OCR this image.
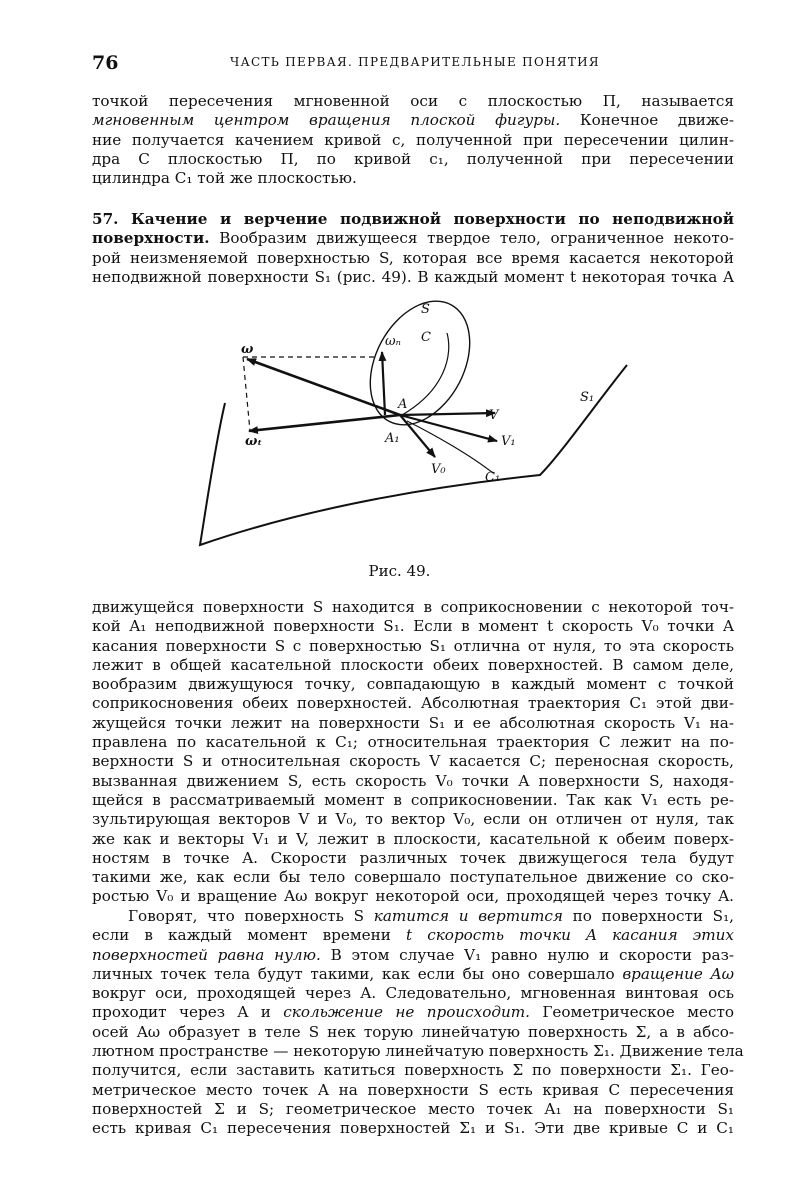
76	ЧАСТЬ ПЕРВАЯ. ПРЕДВАРИТЕЛЬНЫЕ ПОНЯТИЯ
точкой пересечения мгновенной оси с плоскостью П, называется
мгновенным центром вращения плоской фигуры. Конечное движе-
ние получается качением кривой с, полученной при пересечении цилин-
дра С плоскостью П, по кривой с₁, полученной при пересечении
цилиндра С₁ той же плоскостью.
57. Качение и верчение подвижной поверхности по неподвижной
поверхности. Вообразим движущееся твердое тело, ограниченное некото-
рой неизменяемой поверхностью S, которая все время касается некоторой
неподвижной поверхности S₁ (рис. 49). В каждый момент t некоторая точка A
S
C
ω
ωₙ
ωₜ
A
A₁
V
V₁
V₀
C₁
S₁
Рис. 49.
движущейся поверхности S находится в соприкосновении с некоторой точ-
кой A₁ неподвижной поверхности S₁. Если в момент t скорость V₀ точки A
касания поверхности S с поверхностью S₁ отлична от нуля, то эта скорость
лежит в общей касательной плоскости обеих поверхностей. В самом деле,
вообразим движущуюся точку, совпадающую в каждый момент с точкой
соприкосновения обеих поверхностей. Абсолютная траектория C₁ этой дви-
жущейся точки лежит на поверхности S₁ и ее абсолютная скорость V₁ на-
правлена по касательной к C₁; относительная траектория C лежит на по-
верхности S и относительная скорость V касается C; переносная скорость,
вызванная движением S, есть скорость V₀ точки A поверхности S, находя-
щейся в рассматриваемый момент в соприкосновении. Так как V₁ есть ре-
зультирующая векторов V и V₀, то вектор V₀, если он отличен от нуля, так
же как и векторы V₁ и V, лежит в плоскости, касательной к обеим поверх-
ностям в точке A. Скорости различных точек движущегося тела будут
такими же, как если бы тело совершало поступательное движение со ско-
ростью V₀ и вращение Aω вокруг некоторой оси, проходящей через точку A.
Говорят, что поверхность S катится и вертится по поверхности S₁,
если в каждый момент времени t скорость точки A касания этих
поверхностей равна нулю. В этом случае V₁ равно нулю и скорости раз-
личных точек тела будут такими, как если бы оно совершало вращение Aω
вокруг оси, проходящей через A. Следовательно, мгновенная винтовая ось
проходит через A и скольжение не происходит. Геометрическое место
осей Aω образует в теле S нек торую линейчатую поверхность Σ, а в абсо-
лютном пространстве — некоторую линейчатую поверхность Σ₁. Движение тела
получится, если заставить катиться поверхность Σ по поверхности Σ₁. Гео-
метрическое место точек A на поверхности S есть кривая C пересечения
поверхностей Σ и S; геометрическое место точек A₁ на поверхности S₁
есть кривая C₁ пересечения поверхностей Σ₁ и S₁. Эти две кривые C и C₁
